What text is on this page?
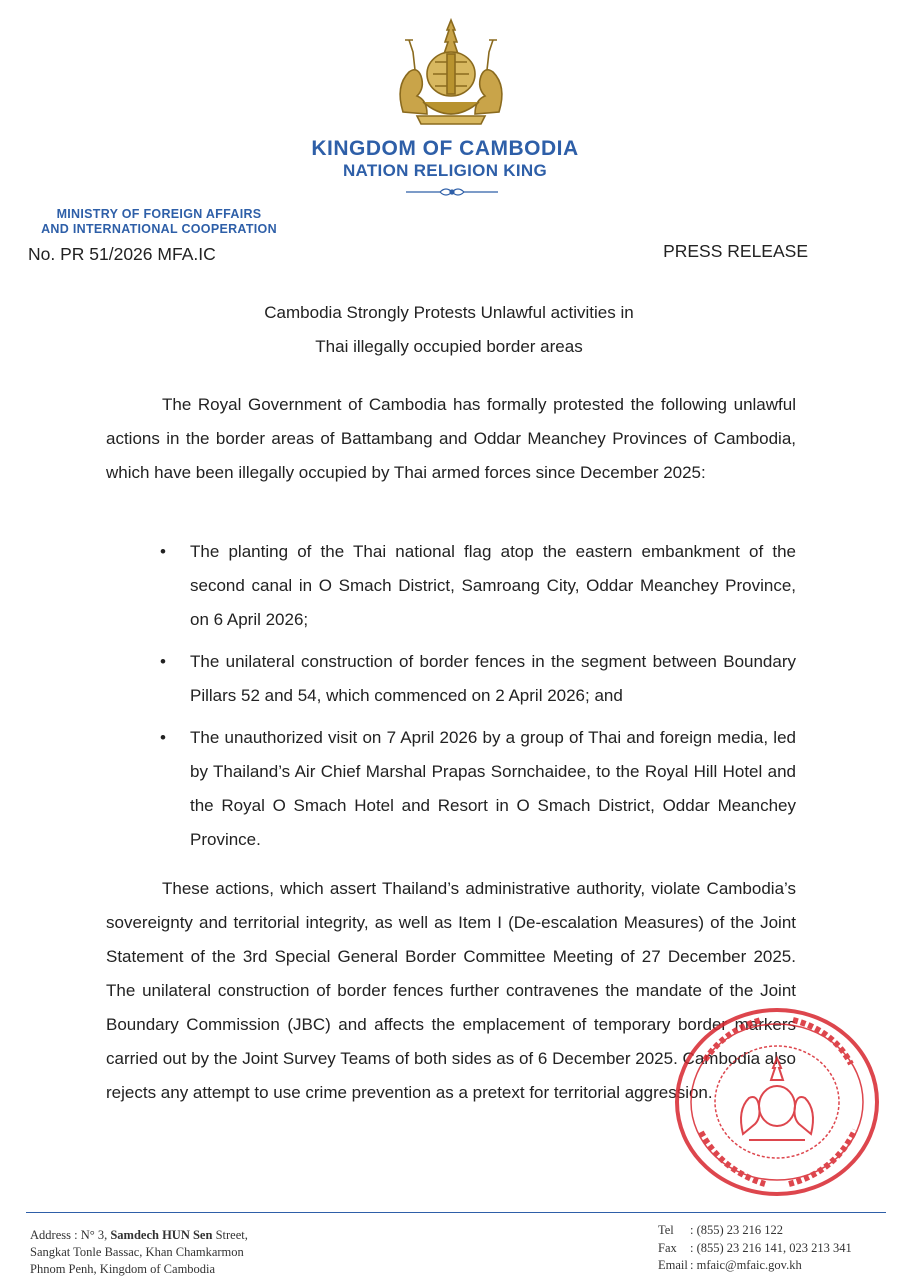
KINGDOM OF CAMBODIA
NATION RELIGION KING
MINISTRY OF FOREIGN AFFAIRS
AND INTERNATIONAL COOPERATION
No. PR 51/2026 MFA.IC	PRESS RELEASE
Cambodia Strongly Protests Unlawful activities in
Thai illegally occupied border areas
The Royal Government of Cambodia has formally protested the following unlawful actions in the border areas of Battambang and Oddar Meanchey Provinces of Cambodia, which have been illegally occupied by Thai armed forces since December 2025:
• The planting of the Thai national flag atop the eastern embankment of the second canal in O Smach District, Samroang City, Oddar Meanchey Province, on 6 April 2026;
• The unilateral construction of border fences in the segment between Boundary Pillars 52 and 54, which commenced on 2 April 2026; and
• The unauthorized visit on 7 April 2026 by a group of Thai and foreign media, led by Thailand’s Air Chief Marshal Prapas Sornchaidee, to the Royal Hill Hotel and the Royal O Smach Hotel and Resort in O Smach District, Oddar Meanchey Province.
These actions, which assert Thailand’s administrative authority, violate Cambodia’s sovereignty and territorial integrity, as well as Item I (De-escalation Measures) of the Joint Statement of the 3rd Special General Border Committee Meeting of 27 December 2025. The unilateral construction of border fences further contravenes the mandate of the Joint Boundary Commission (JBC) and affects the emplacement of temporary border markers carried out by the Joint Survey Teams of both sides as of 6 December 2025. Cambodia also rejects any attempt to use crime prevention as a pretext for territorial aggression.
Address : N° 3, Samdech HUN Sen Street,
Sangkat Tonle Bassac, Khan Chamkarmon
Phnom Penh, Kingdom of Cambodia
Tel : (855) 23 216 122
Fax : (855) 23 216 141, 023 213 341
Email : mfaic@mfaic.gov.kh
